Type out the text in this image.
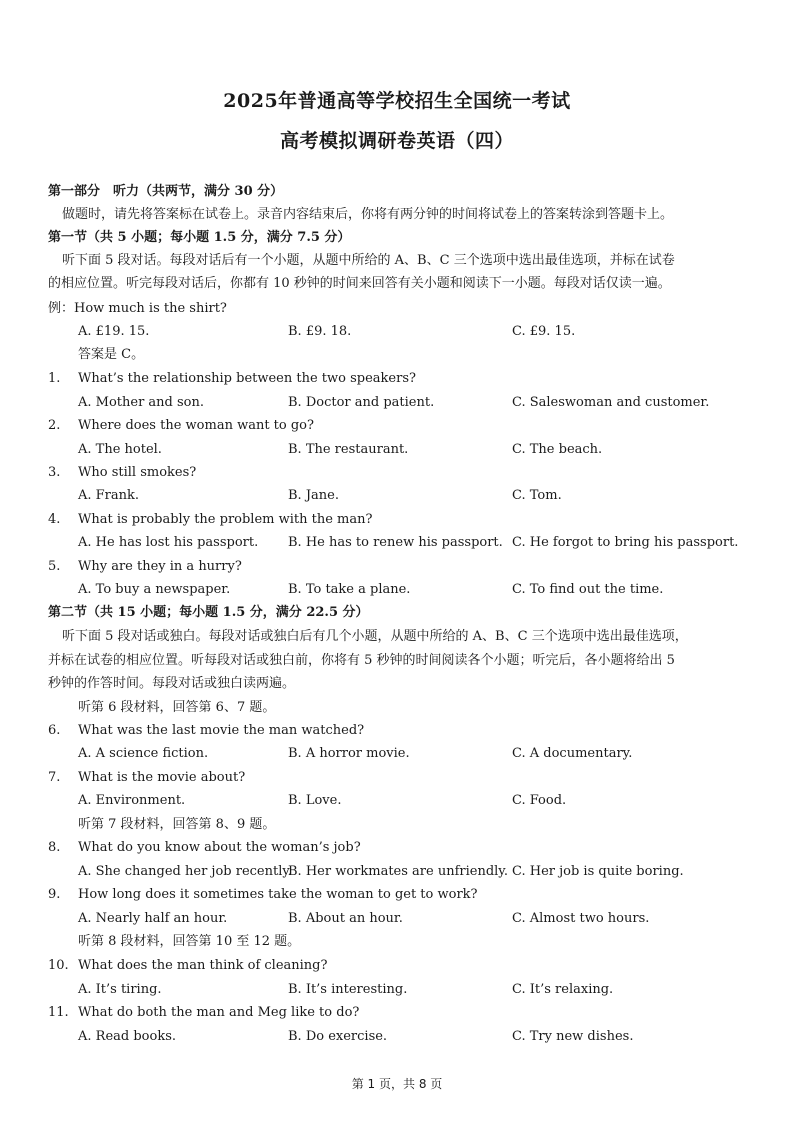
2025年普通高等学校招生全国统一考试
高考模拟调研卷英语（四）
第一部分　听力（共两节，满分 30 分）
做题时，请先将答案标在试卷上。录音内容结束后，你将有两分钟的时间将试卷上的答案转涂到答题卡上。
第一节（共 5 小题；每小题 1.5 分，满分 7.5 分）
听下面 5 段对话。每段对话后有一个小题，从题中所给的 A、B、C 三个选项中选出最佳选项，并标在试卷
的相应位置。听完每段对话后，你都有 10 秒钟的时间来回答有关小题和阅读下一小题。每段对话仅读一遍。
例：How much is the shirt?
A. £19. 15.	B. £9. 18.	C. £9. 15.
答案是 C。
1. What’s the relationship between the two speakers?
A. Mother and son.	B. Doctor and patient.	C. Saleswoman and customer.
2. Where does the woman want to go?
A. The hotel.	B. The restaurant.	C. The beach.
3. Who still smokes?
A. Frank.	B. Jane.	C. Tom.
4. What is probably the problem with the man?
A. He has lost his passport. B. He has to renew his passport. C. He forgot to bring his passport.
5. Why are they in a hurry?
A. To buy a newspaper.	B. To take a plane.	C. To find out the time.
第二节（共 15 小题；每小题 1.5 分，满分 22.5 分）
听下面 5 段对话或独白。每段对话或独白后有几个小题，从题中所给的 A、B、C 三个选项中选出最佳选项，
并标在试卷的相应位置。听每段对话或独白前，你将有 5 秒钟的时间阅读各个小题；听完后，各小题将给出 5
秒钟的作答时间。每段对话或独白读两遍。
听第 6 段材料，回答第 6、7 题。
6. What was the last movie the man watched?
A. A science fiction.	B. A horror movie.	C. A documentary.
7. What is the movie about?
A. Environment.	B. Love.	C. Food.
听第 7 段材料，回答第 8、9 题。
8. What do you know about the woman’s job?
A. She changed her job recently.
B. Her workmates are unfriendly. C. Her job is quite boring.
9. How long does it sometimes take the woman to get to work?
A. Nearly half an hour.	B. About an hour.	C. Almost two hours.
听第 8 段材料，回答第 10 至 12 题。
10. What does the man think of cleaning?
A. It’s tiring.	B. It’s interesting.	C. It’s relaxing.
11. What do both the man and Meg like to do?
A. Read books.	B. Do exercise.	C. Try new dishes.
第 1 页，共 8 页
